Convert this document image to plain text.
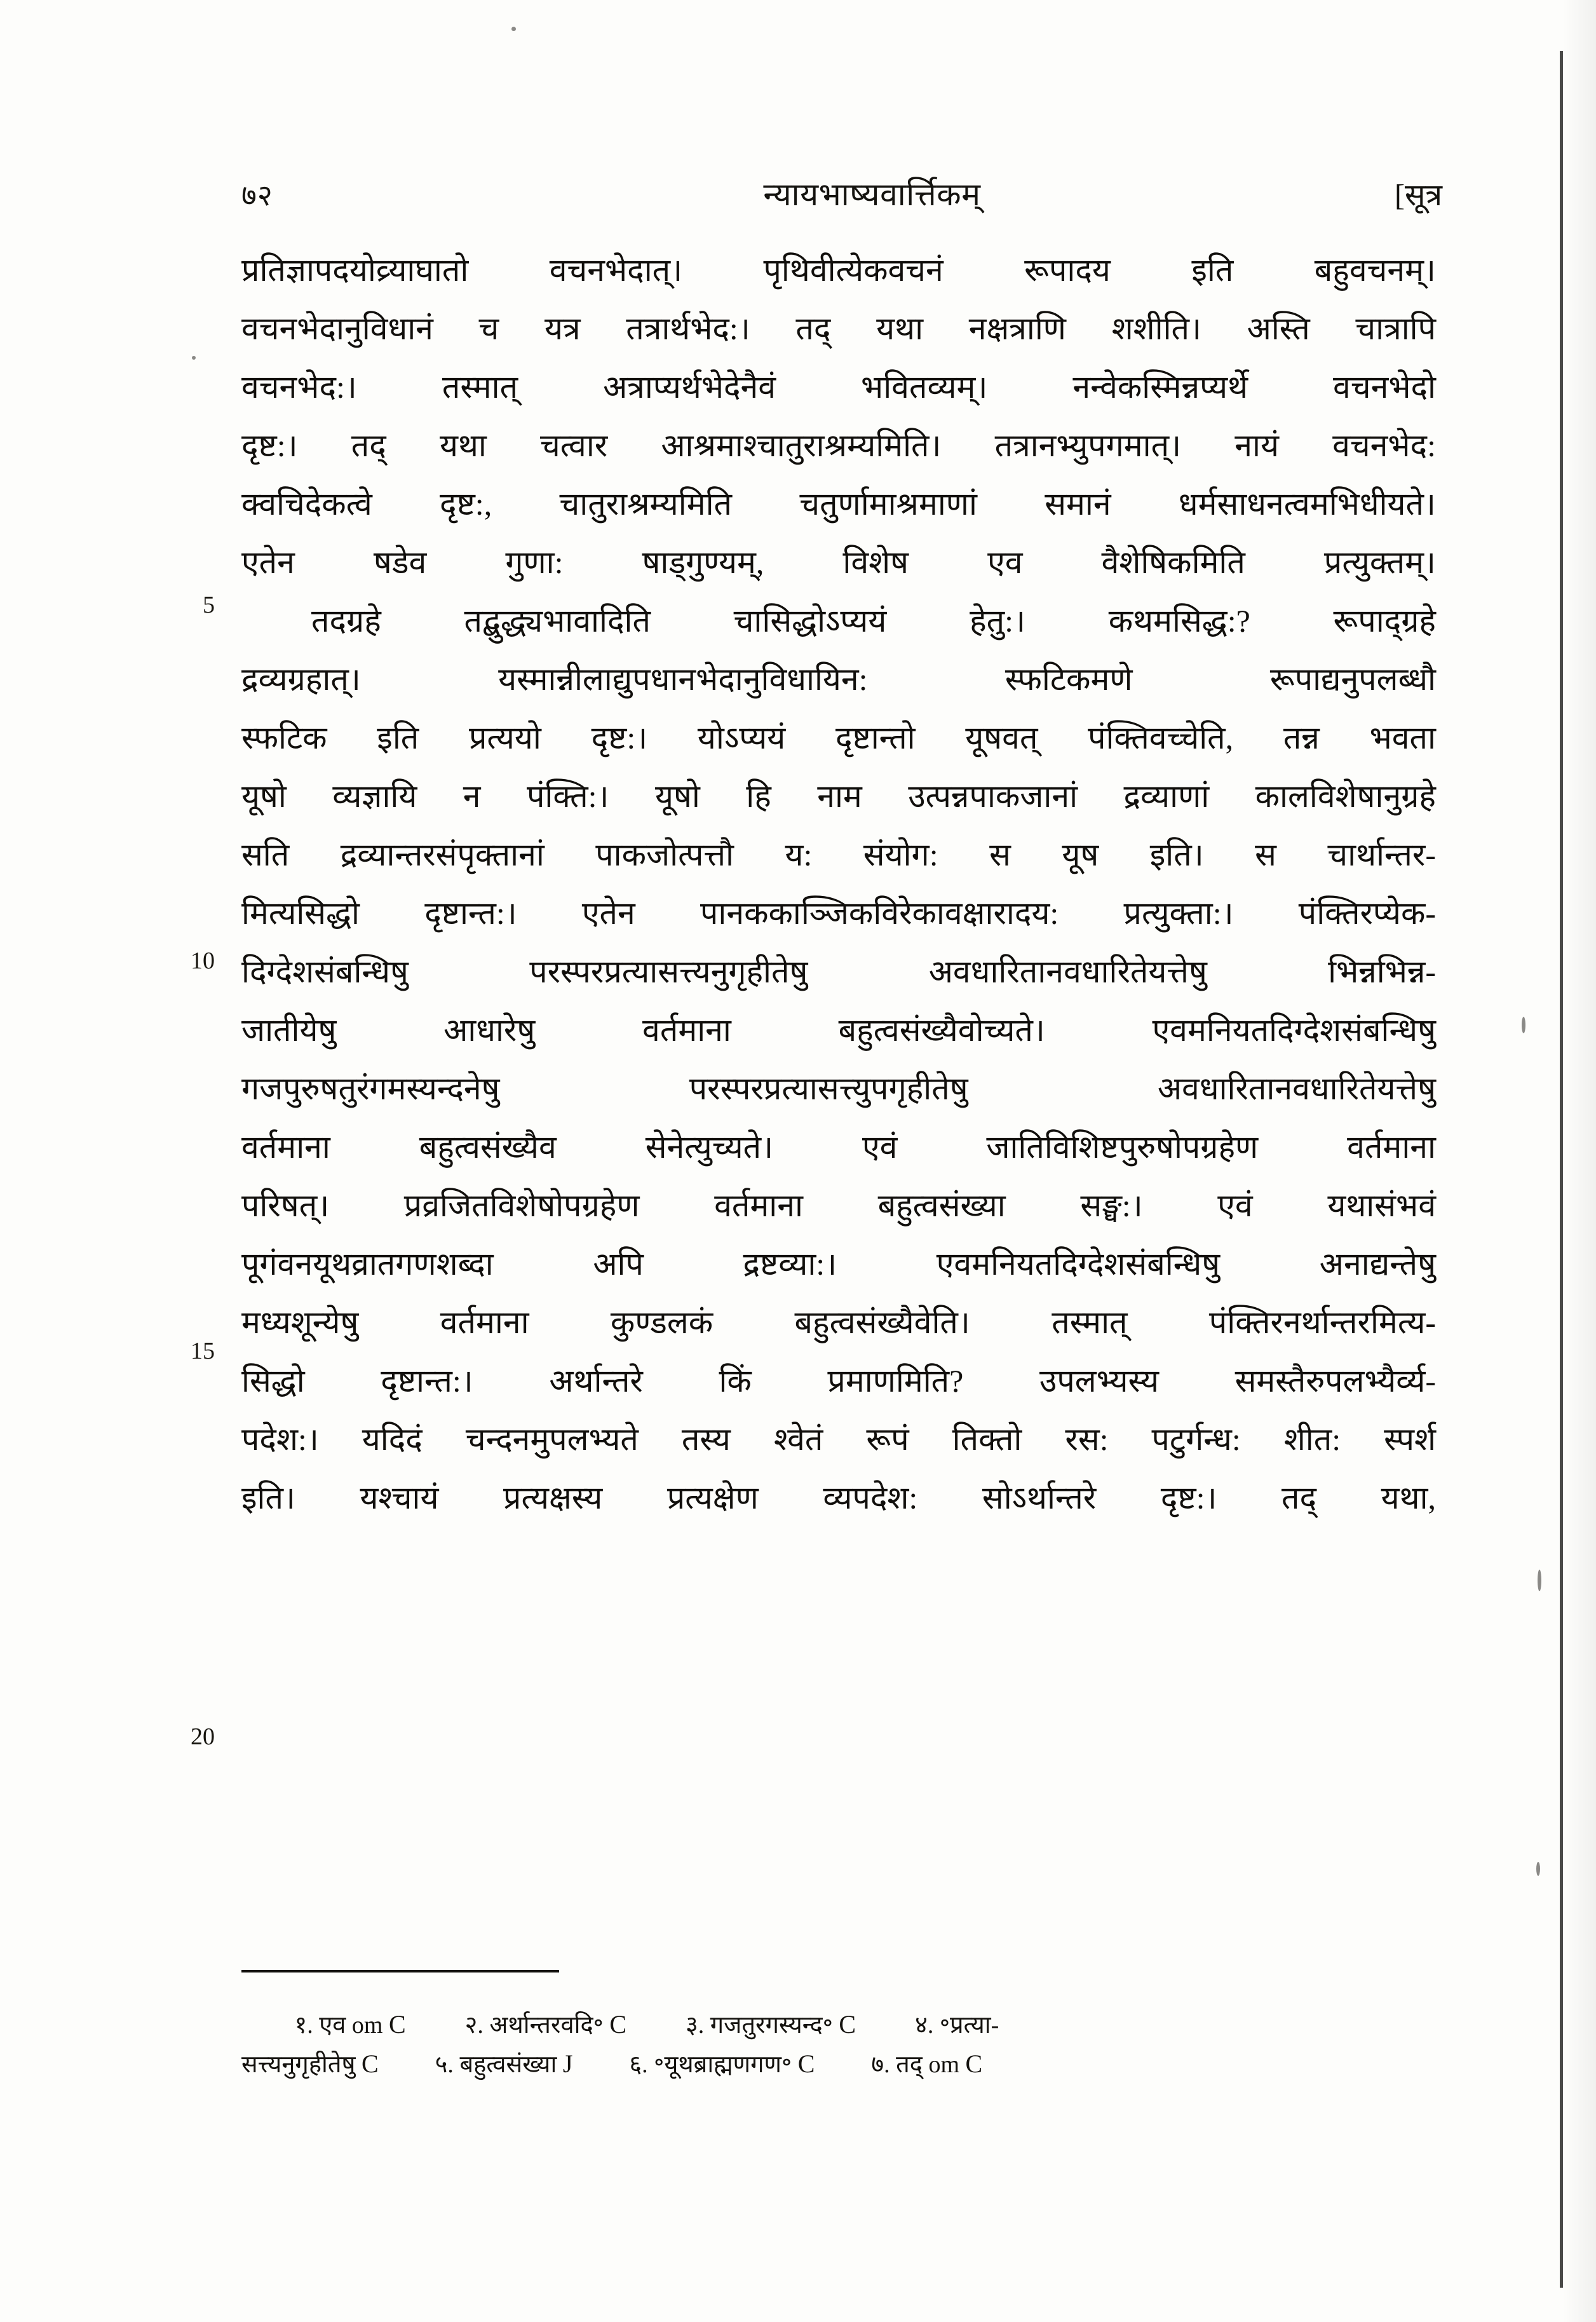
७२	न्यायभाष्यवार्त्तिकम्	[सूत्र
5
10
15
20
प्रतिज्ञापदयोव्र्याघातो वचनभेदात्। पृथिवीत्येकवचनं रूपादय इति बहुवचनम्।
वचनभेदानुविधानं च यत्र तत्रार्थभेद:। तद् यथा नक्षत्राणि शशीति। अस्ति चात्रापि
वचनभेद:। तस्मात् अत्राप्यर्थभेदेनैवं भवितव्यम्। नन्वेकस्मिन्नप्यर्थे वचनभेदो
दृष्ट:। तद् यथा चत्वार आश्रमाश्चातुराश्रम्यमिति। तत्रानभ्युपगमात्। नायं वचनभेद:
क्वचिदेकत्वे दृष्ट:, चातुराश्रम्यमिति चतुर्णामाश्रमाणां समानं धर्मसाधनत्वमभिधीयते।
एतेन षडेव गुणा: षाड्गुण्यम्, विशेष एव वैशेषिकमिति प्रत्युक्तम्।
तदग्रहे तद्बुद्ध्यभावादिति चासिद्धोऽप्ययं हेतु:। कथमसिद्ध:? रूपाद्ग्रहे
द्रव्यग्रहात्। यस्मान्नीलाद्युपधानभेदानुविधायिन: स्फटिकमणे रूपाद्यनुपलब्धौ
स्फटिक इति प्रत्ययो दृष्ट:। योऽप्ययं दृष्टान्तो यूषवत् पंक्तिवच्चेति, तन्न भवता
यूषो व्यज्ञायि न पंक्ति:। यूषो हि नाम उत्पन्नपाकजानां द्रव्याणां कालविशेषानुग्रहे
सति द्रव्यान्तरसंपृक्तानां पाकजोत्पत्तौ य: संयोग: स यूष इति। स चार्थान्तर-
मित्यसिद्धो दृष्टान्त:। एतेन पानककाञ्जिकविरेकावक्षारादय: प्रत्युक्ता:। पंक्तिरप्येक-
दिग्देशसंबन्धिषु परस्परप्रत्यासत्त्यनुगृहीतेषु अवधारितानवधारितेयत्तेषु भिन्नभिन्न-
जातीयेषु आधारेषु वर्तमाना बहुत्वसंख्यैवोच्यते। एवमनियतदिग्देशसंबन्धिषु
गजपुरुषतुरंगमस्यन्दनेषु परस्परप्रत्यासत्त्युपगृहीतेषु अवधारितानवधारितेयत्तेषु
वर्तमाना बहुत्वसंख्यैव सेनेत्युच्यते। एवं जातिविशिष्टपुरुषोपग्रहेण वर्तमाना
परिषत्। प्रव्रजितविशेषोपग्रहेण वर्तमाना बहुत्वसंख्या सङ्घ:। एवं यथासंभवं
पूगंवनयूथव्रातगणशब्दा अपि द्रष्टव्या:। एवमनियतदिग्देशसंबन्धिषु अनाद्यन्तेषु
मध्यशून्येषु वर्तमाना कुण्डलकं बहुत्वसंख्यैवेति। तस्मात् पंक्तिरनर्थान्तरमित्य-
सिद्धो दृष्टान्त:। अर्थान्तरे किं प्रमाणमिति? उपलभ्यस्य समस्तैरुपलभ्यैर्व्य-
पदेश:। यदिदं चन्दनमुपलभ्यते तस्य श्वेतं रूपं तिक्तो रस: पटुर्गन्ध: शीत: स्पर्श
इति। यश्चायं प्रत्यक्षस्य प्रत्यक्षेण व्यपदेश: सोऽर्थान्तरे दृष्ट:। तद् यथा,
१. एव om C २. अर्थान्तरवदि॰ C ३. गजतुरगस्यन्द॰ C ४. ॰प्रत्या-
सत्त्यनुगृहीतेषु C ५. बहुत्वसंख्या J ६. ॰यूथब्राह्मणगण॰ C ७. तद् om C
